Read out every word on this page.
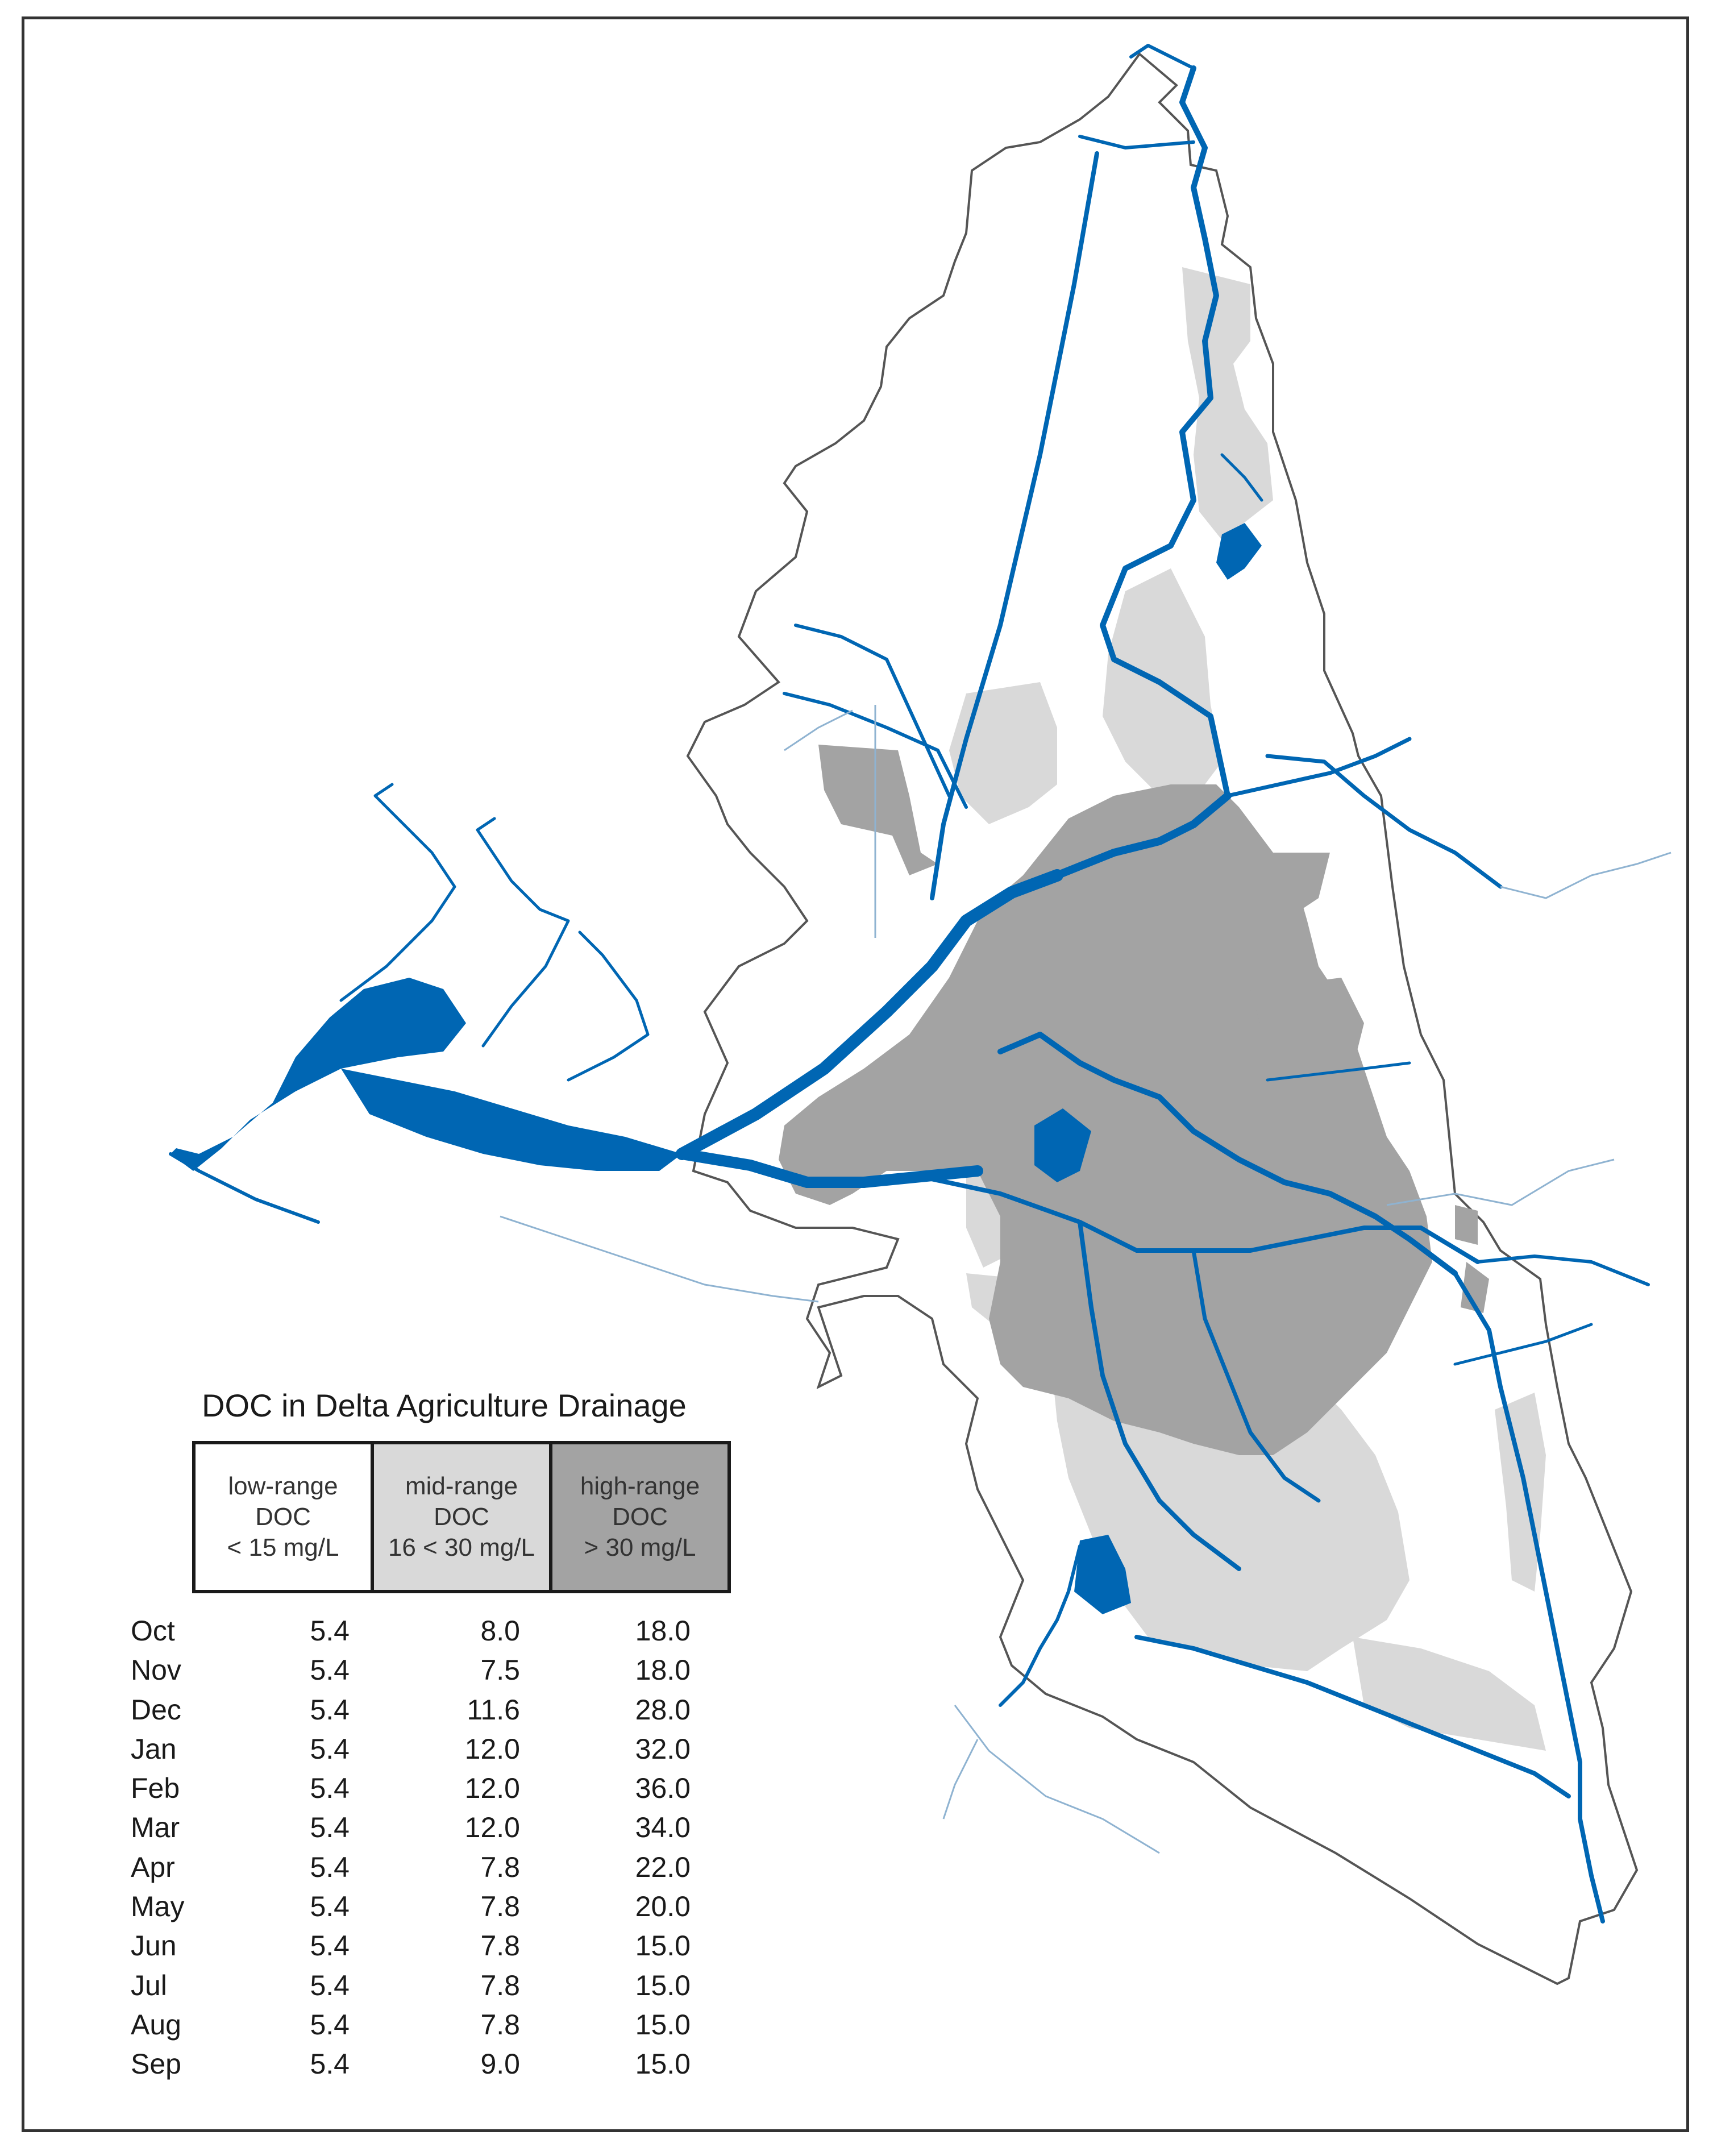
DOC in Delta Agriculture Drainage
low-range
DOC
< 15 mg/L
mid-range
DOC
16 < 30 mg/L
high-range
DOC
> 30 mg/L
Oct	5.4	8.0	18.0
Nov	5.4	7.5	18.0
Dec	5.4	11.6	28.0
Jan	5.4	12.0	32.0
Feb	5.4	12.0	36.0
Mar	5.4	12.0	34.0
Apr	5.4	7.8	22.0
May	5.4	7.8	20.0
Jun	5.4	7.8	15.0
Jul	5.4	7.8	15.0
Aug	5.4	7.8	15.0
Sep	5.4	9.0	15.0
